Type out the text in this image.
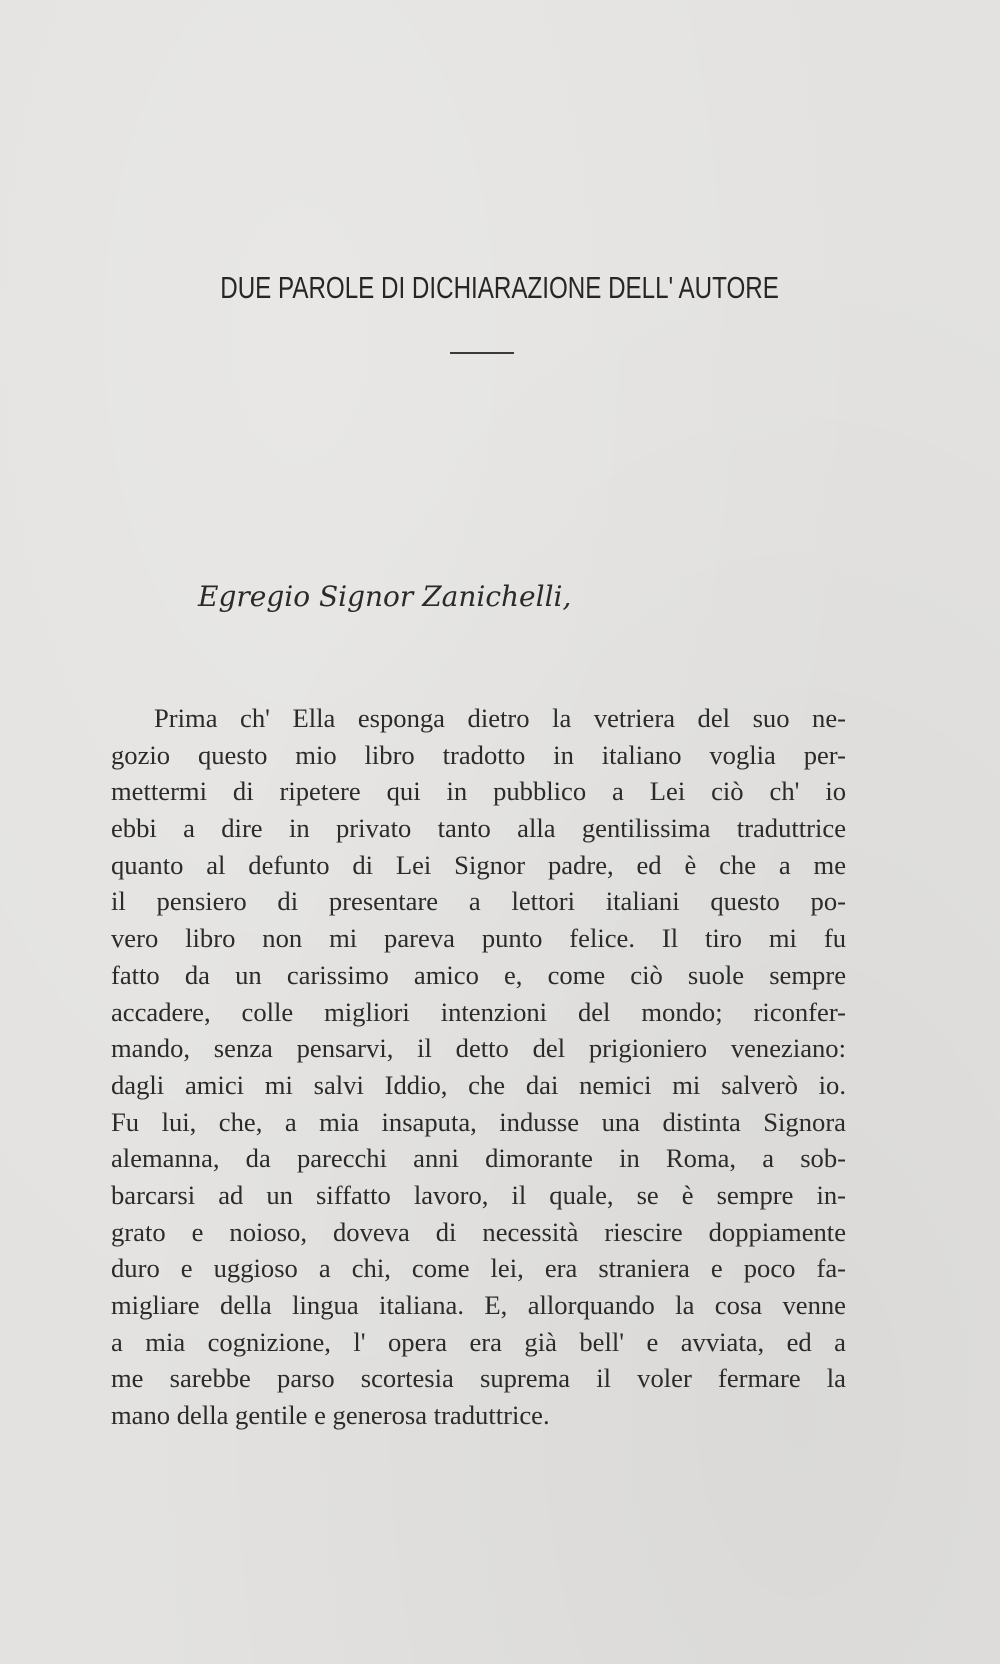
DUE PAROLE DI DICHIARAZIONE DELL' AUTORE
Egregio Signor Zanichelli,
Prima ch' Ella esponga dietro la vetriera del suo ne-
gozio questo mio libro tradotto in italiano voglia per-
mettermi di ripetere qui in pubblico a Lei ciò ch' io
ebbi a dire in privato tanto alla gentilissima traduttrice
quanto al defunto di Lei Signor padre, ed è che a me
il pensiero di presentare a lettori italiani questo po-
vero libro non mi pareva punto felice. Il tiro mi fu
fatto da un carissimo amico e, come ciò suole sempre
accadere, colle migliori intenzioni del mondo; riconfer-
mando, senza pensarvi, il detto del prigioniero veneziano:
dagli amici mi salvi Iddio, che dai nemici mi salverò io.
Fu lui, che, a mia insaputa, indusse una distinta Signora
alemanna, da parecchi anni dimorante in Roma, a sob-
barcarsi ad un siffatto lavoro, il quale, se è sempre in-
grato e noioso, doveva di necessità riescire doppiamente
duro e uggioso a chi, come lei, era straniera e poco fa-
migliare della lingua italiana. E, allorquando la cosa venne
a mia cognizione, l' opera era già bell' e avviata, ed a
me sarebbe parso scortesia suprema il voler fermare la
mano della gentile e generosa traduttrice.
